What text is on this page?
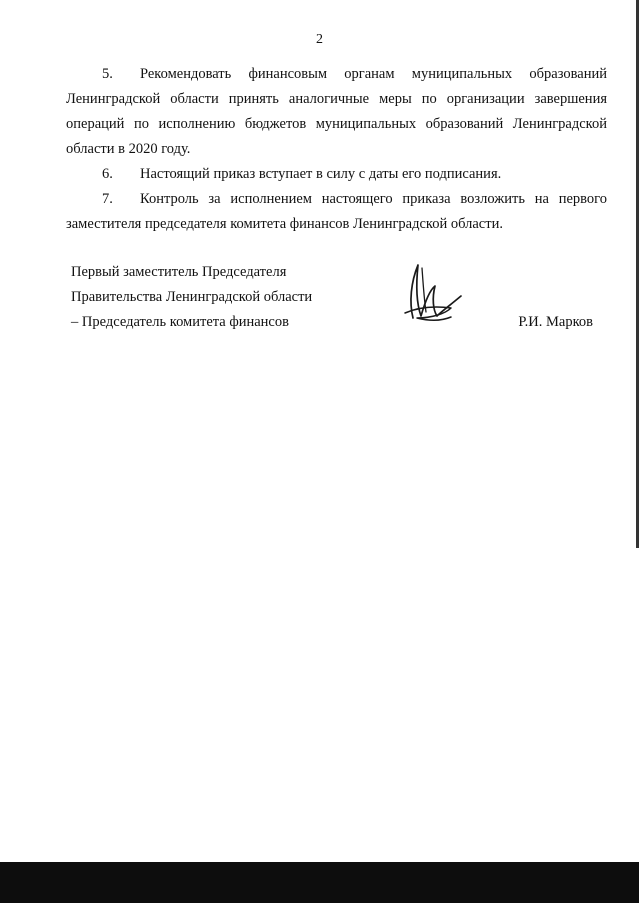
2

5. Рекомендовать финансовым органам муниципальных образований Ленинградской области принять аналогичные меры по организации завершения операций по исполнению бюджетов муниципальных образований Ленинградской области в 2020 году.

6. Настоящий приказ вступает в силу с даты его подписания.

7. Контроль за исполнением настоящего приказа возложить на первого заместителя председателя комитета финансов Ленинградской области.

Первый заместитель Председателя
Правительства Ленинградской области
– Председатель комитета финансов	Р.И. Марков
